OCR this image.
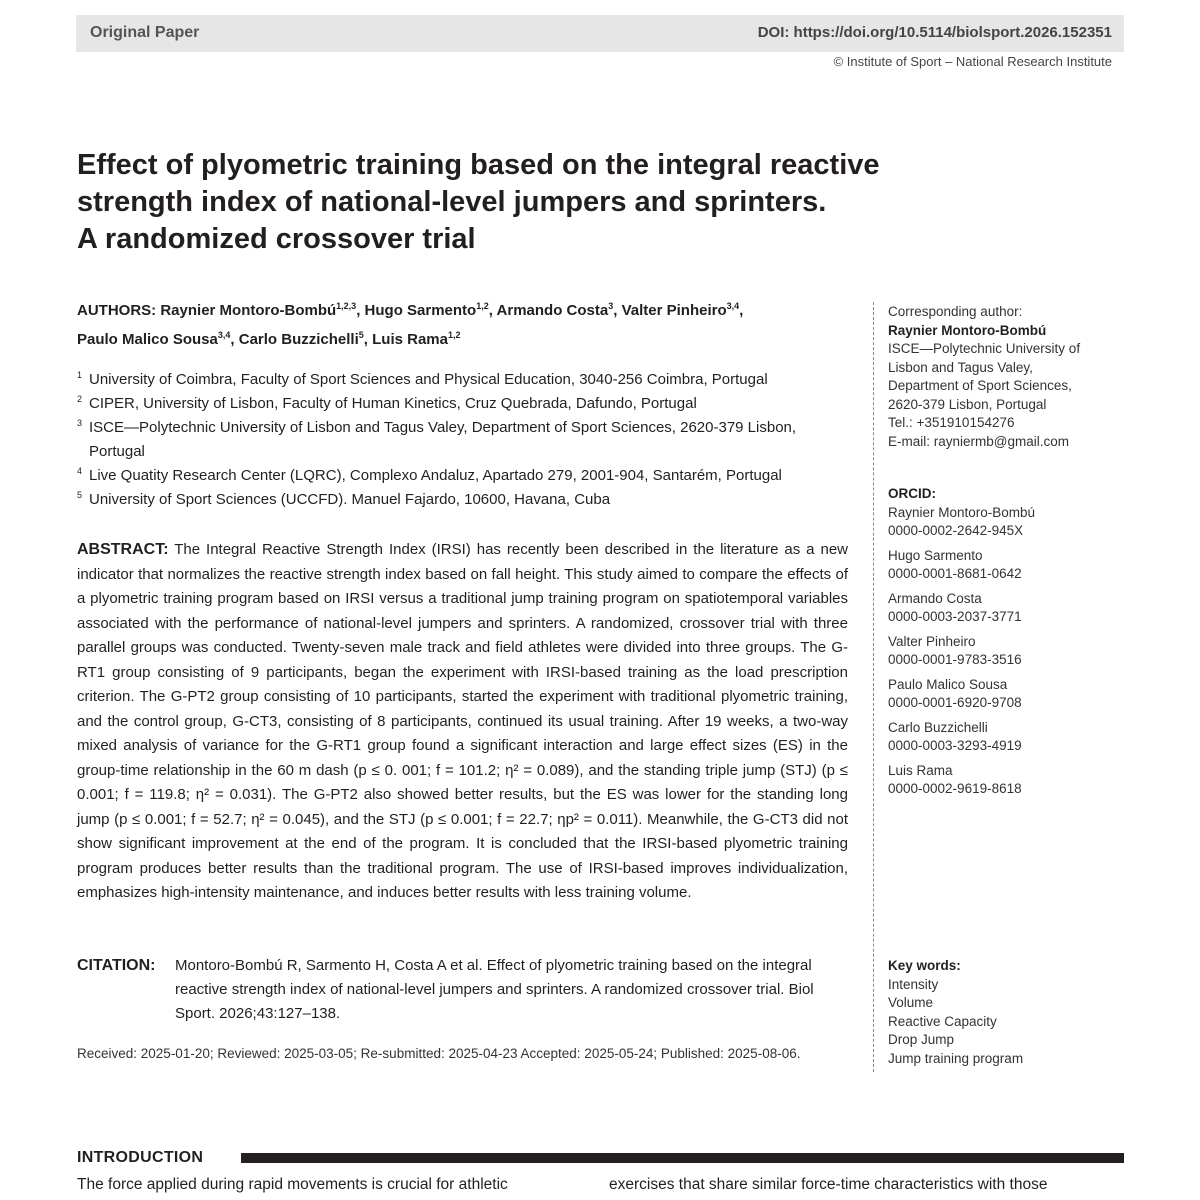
Original Paper	DOI: https://doi.org/10.5114/biolsport.2026.152351
© Institute of Sport – National Research Institute
Effect of plyometric training based on the integral reactive
strength index of national-level jumpers and sprinters.
A randomized crossover trial
AUTHORS: Raynier Montoro-Bombú$^{1,2,3}$, Hugo Sarmento$^{1,2}$, Armando Costa$^3$, Valter Pinheiro$^{3,4}$,
Paulo Malico Sousa$^{3,4}$, Carlo Buzzichelli$^5$, Luis Rama$^{1,2}$
1 University of Coimbra, Faculty of Sport Sciences and Physical Education, 3040-256 Coimbra, Portugal
2 CIPER, University of Lisbon, Faculty of Human Kinetics, Cruz Quebrada, Dafundo, Portugal
3 ISCE—Polytechnic University of Lisbon and Tagus Valey, Department of Sport Sciences, 2620-379 Lisbon, Portugal
4 Live Quatity Research Center (LQRC), Complexo Andaluz, Apartado 279, 2001-904, Santarém, Portugal
5 University of Sport Sciences (UCCFD). Manuel Fajardo, 10600, Havana, Cuba
ABSTRACT: The Integral Reactive Strength Index (IRSI) has recently been described in the literature as a new indicator that normalizes the reactive strength index based on fall height. This study aimed to compare the effects of a plyometric training program based on IRSI versus a traditional jump training program on spatiotemporal variables associated with the performance of national-level jumpers and sprinters. A randomized, crossover trial with three parallel groups was conducted. Twenty-seven male track and field athletes were divided into three groups. The G-RT1 group consisting of 9 participants, began the experiment with IRSI-based training as the load prescription criterion. The G-PT2 group consisting of 10 participants, started the experiment with traditional plyometric training, and the control group, G-CT3, consisting of 8 participants, continued its usual training. After 19 weeks, a two-way mixed analysis of variance for the G-RT1 group found a significant interaction and large effect sizes (ES) in the group-time relationship in the 60 m dash (p ≤ 0. 001; f = 101.2; η² = 0.089), and the standing triple jump (STJ) (p ≤ 0.001; f = 119.8; η² = 0.031). The G-PT2 also showed better results, but the ES was lower for the standing long jump (p ≤ 0.001; f = 52.7; η² = 0.045), and the STJ (p ≤ 0.001; f = 22.7; ηp² = 0.011). Meanwhile, the G-CT3 did not show significant improvement at the end of the program. It is concluded that the IRSI-based plyometric training program produces better results than the traditional program. The use of IRSI-based improves individualization, emphasizes high-intensity maintenance, and induces better results with less training volume.
CITATION:	Montoro-Bombú R, Sarmento H, Costa A et al. Effect of plyometric training based on the integral reactive strength index of national-level jumpers and sprinters. A randomized crossover trial. Biol Sport. 2026;43:127–138.
Received: 2025-01-20; Reviewed: 2025-03-05; Re-submitted: 2025-04-23 Accepted: 2025-05-24; Published: 2025-08-06.
Corresponding author:
Raynier Montoro-Bombú
ISCE—Polytechnic University of
Lisbon and Tagus Valey,
Department of Sport Sciences,
2620-379 Lisbon, Portugal
Tel.: +351910154276
E-mail: rayniermb@gmail.com
ORCID:
Raynier Montoro-Bombú
0000-0002-2642-945X
Hugo Sarmento
0000-0001-8681-0642
Armando Costa
0000-0003-2037-3771
Valter Pinheiro
0000-0001-9783-3516
Paulo Malico Sousa
0000-0001-6920-9708
Carlo Buzzichelli
0000-0003-3293-4919
Luis Rama
0000-0002-9619-8618
Key words:
Intensity
Volume
Reactive Capacity
Drop Jump
Jump training program
INTRODUCTION
The force applied during rapid movements is crucial for athletic	exercises that share similar force-time characteristics with those
